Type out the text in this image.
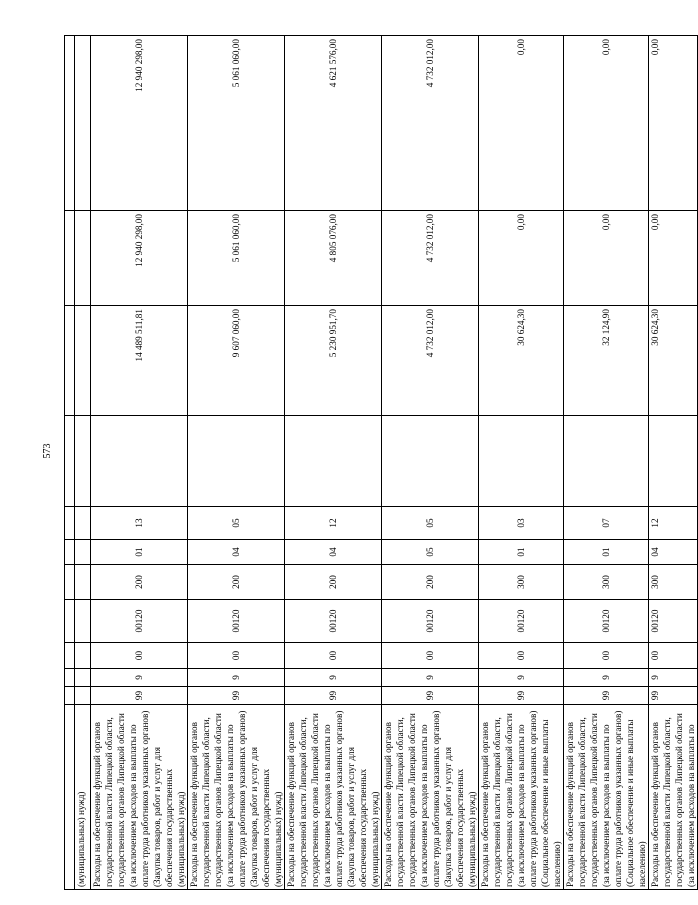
573

(муниципальных) нужд)											
Расходы на обеспечение функций органов государственной власти Липецкой области, государственных органов Липецкой области (за исключением расходов на выплаты по оплате труда работников указанных органов) (Закупка товаров, работ и услуг для обеспечения государственных (муниципальных) нужд)	99	9	00	00120	200	01	13		14 489 511,81	12 940 298,00	12 940 298,00
Расходы на обеспечение функций органов государственной власти Липецкой области, государственных органов Липецкой области (за исключением расходов на выплаты по оплате труда работников указанных органов) (Закупка товаров, работ и услуг для обеспечения государственных (муниципальных) нужд)	99	9	00	00120	200	04	05		9 607 060,00	5 061 060,00	5 061 060,00
Расходы на обеспечение функций органов государственной власти Липецкой области, государственных органов Липецкой области (за исключением расходов на выплаты по оплате труда работников указанных органов) (Закупка товаров, работ и услуг для обеспечения государственных (муниципальных) нужд)	99	9	00	00120	200	04	12		5 230 951,70	4 805 076,00	4 621 576,00
Расходы на обеспечение функций органов государственной власти Липецкой области, государственных органов Липецкой области (за исключением расходов на выплаты по оплате труда работников указанных органов) (Закупка товаров, работ и услуг для обеспечения государственных (муниципальных) нужд)	99	9	00	00120	200	05	05		4 732 012,00	4 732 012,00	4 732 012,00
Расходы на обеспечение функций органов государственной власти Липецкой области, государственных органов Липецкой области (за исключением расходов на выплаты по оплате труда работников указанных органов) (Социальное обеспечение и иные выплаты населению)	99	9	00	00120	300	01	03		30 624,30	0,00	0,00
Расходы на обеспечение функций органов государственной власти Липецкой области, государственных органов Липецкой области (за исключением расходов на выплаты по оплате труда работников указанных органов) (Социальное обеспечение и иные выплаты населению)	99	9	00	00120	300	01	07		32 124,90	0,00	0,00
Расходы на обеспечение функций органов государственной власти Липецкой области, государственных органов Липецкой области (за исключением расходов на выплаты по	99	9	00	00120	300	04	12		30 624,30	0,00	0,00
